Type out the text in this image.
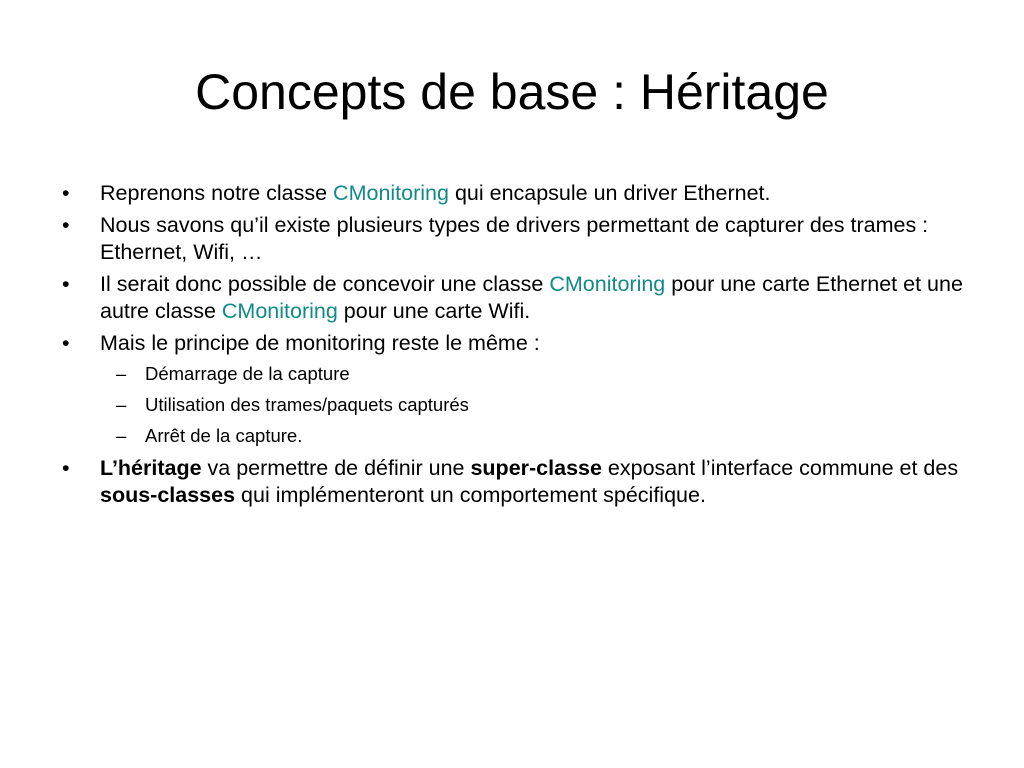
Concepts de base : Héritage
•	Reprenons notre classe CMonitoring qui encapsule un driver Ethernet.
•	Nous savons qu’il existe plusieurs types de drivers permettant de capturer des trames : Ethernet, Wifi, …
•	Il serait donc possible de concevoir une classe CMonitoring pour une carte Ethernet et une autre classe CMonitoring pour une carte Wifi.
•	Mais le principe de monitoring reste le même :
–	Démarrage de la capture
–	Utilisation des trames/paquets capturés
–	Arrêt de la capture.
•	L’héritage va permettre de définir une super-classe exposant l’interface commune et des sous-classes qui implémenteront un comportement spécifique.
